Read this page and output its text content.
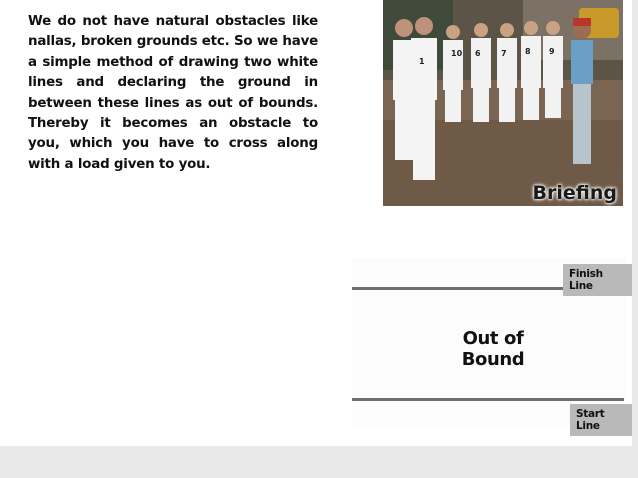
We do not have natural obstacles like nallas, broken grounds etc. So we have a simple method of drawing two white lines and declaring the ground in between these lines as out of bounds. Thereby it becomes an obstacle to you, which you have to cross along with a load given to you.

1
6	7 8 9
10
Briefing
Finish Line
Out of Bound
Start Line
